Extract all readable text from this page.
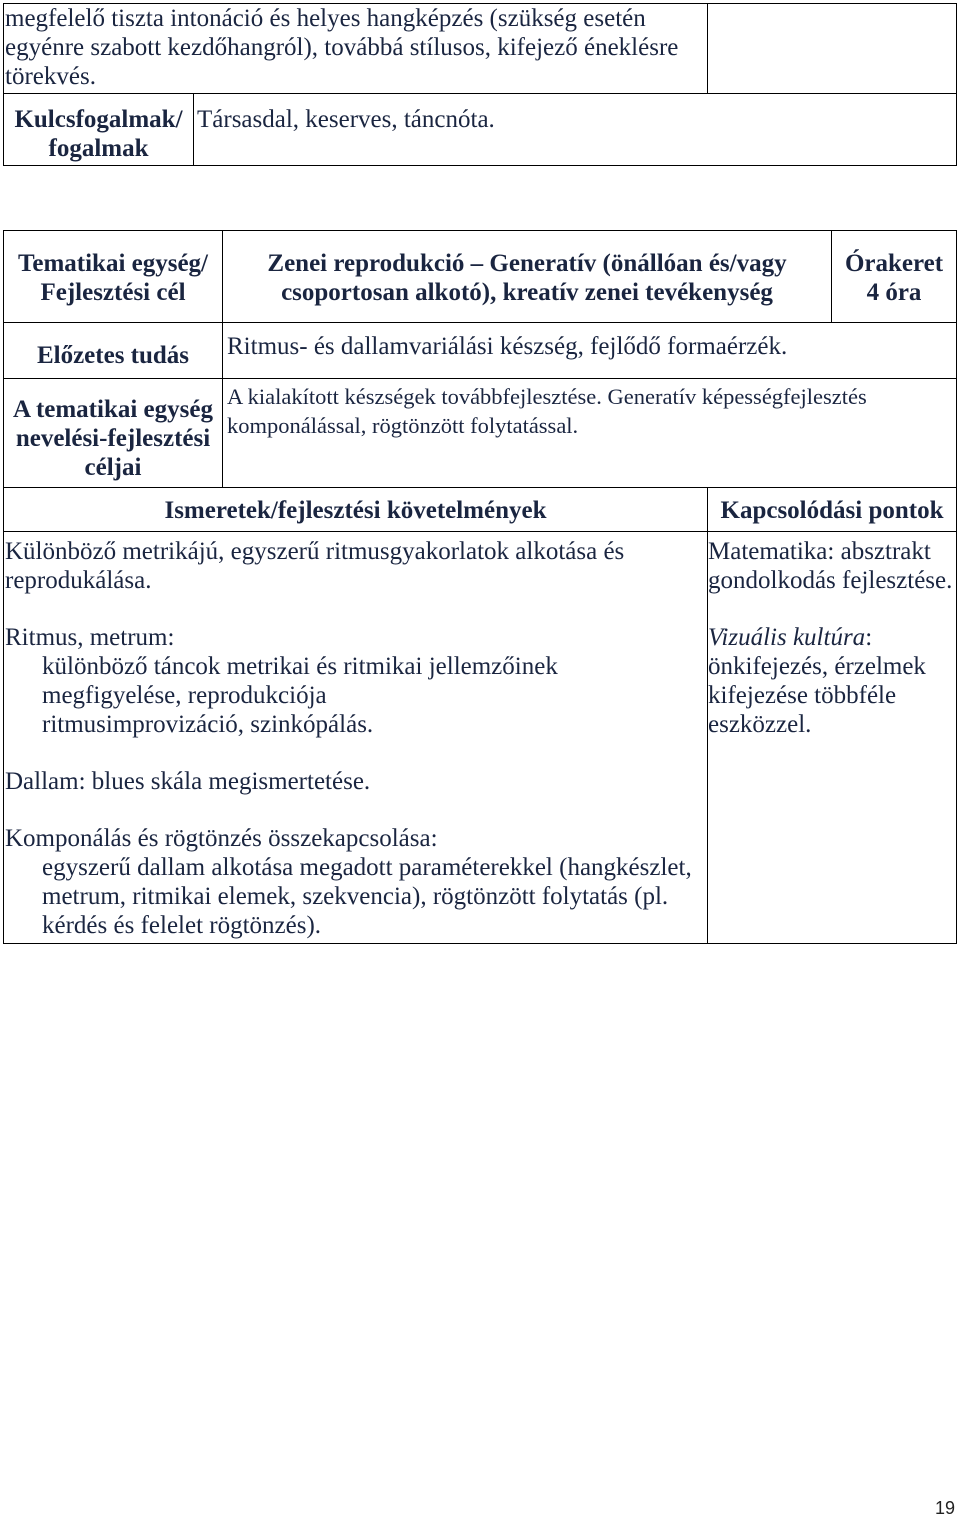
megfelelő tiszta intonáció és helyes hangképzés (szükség esetén
egyénre szabott kezdőhangról), továbbá stílusos, kifejező éneklésre
törekvés.
Kulcsfogalmak/
fogalmak
Társasdal, keserves, táncnóta.
Tematikai egység/
Fejlesztési cél
Zenei reprodukció – Generatív (önállóan és/vagy
csoportosan alkotó), kreatív zenei tevékenység
Órakeret
4 óra
Előzetes tudás	Ritmus- és dallamvariálási készség, fejlődő formaérzék.
A tematikai egység
nevelési-fejlesztési
céljai
A kialakított készségek továbbfejlesztése. Generatív képességfejlesztés
komponálással, rögtönzött folytatással.
Ismeretek/fejlesztési követelmények	Kapcsolódási pontok
Különböző metrikájú, egyszerű ritmusgyakorlatok alkotása és
reprodukálása.
Ritmus, metrum:
különböző táncok metrikai és ritmikai jellemzőinek
megfigyelése, reprodukciója
ritmusimprovizáció, szinkópálás.
Dallam: blues skála megismertetése.
Komponálás és rögtönzés összekapcsolása:
egyszerű dallam alkotása megadott paraméterekkel (hangkészlet,
metrum, ritmikai elemek, szekvencia), rögtönzött folytatás (pl.
kérdés és felelet rögtönzés).
Matematika: absztrakt
gondolkodás fejlesztése.
Vizuális kultúra:
önkifejezés, érzelmek
kifejezése többféle
eszközzel.
19
